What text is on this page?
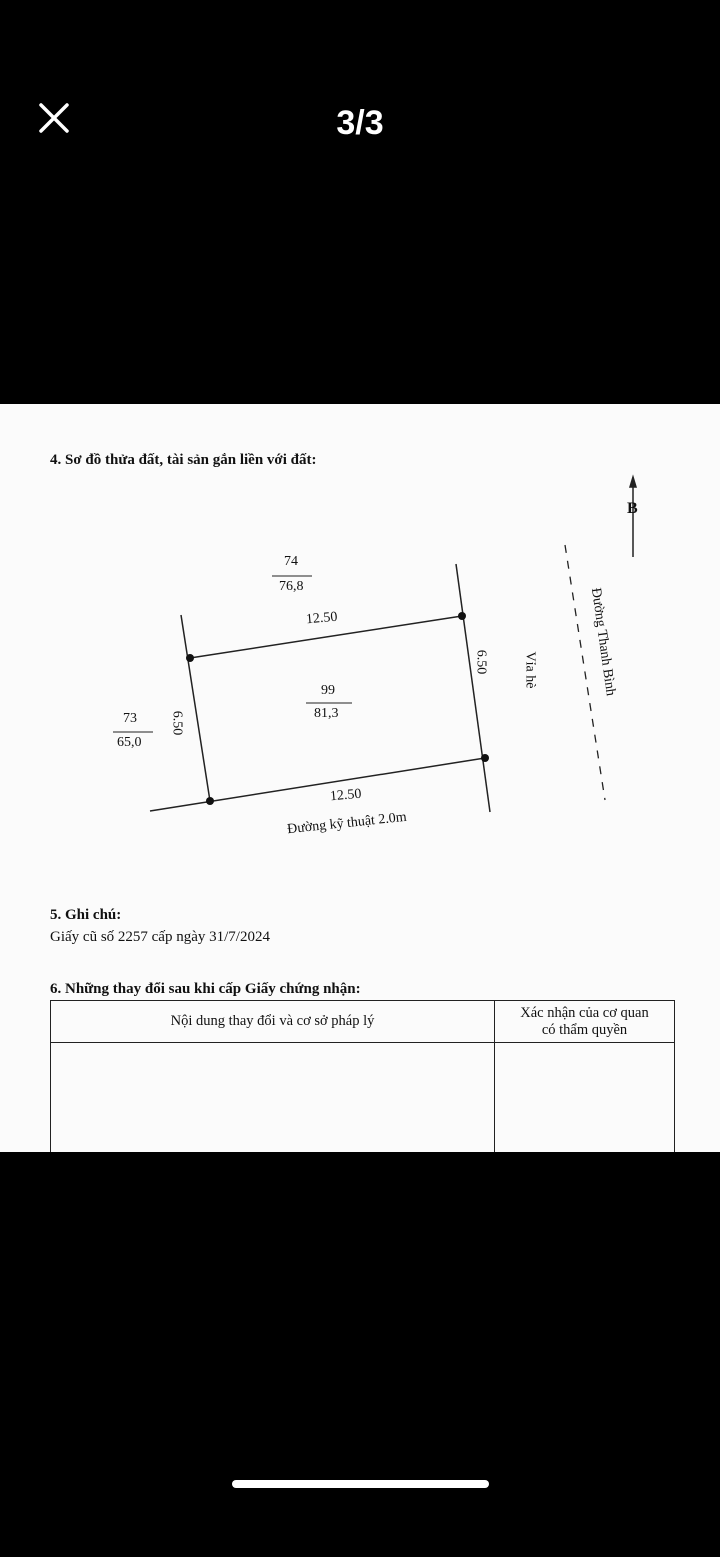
3/3
4. Sơ đồ thửa đất, tài sản gắn liền với đất:
B
74
76,8
73
65,0
99
81,3
12.50
12.50
6.50
6.50 Vỉa hè	Đường Thanh Bình
Đường kỹ thuật 2.0m
5. Ghi chú:
Giấy cũ số 2257 cấp ngày 31/7/2024
6. Những thay đổi sau khi cấp Giấy chứng nhận:
Nội dung thay đổi và cơ sở pháp lý	Xác nhận của cơ quan có thẩm quyền
